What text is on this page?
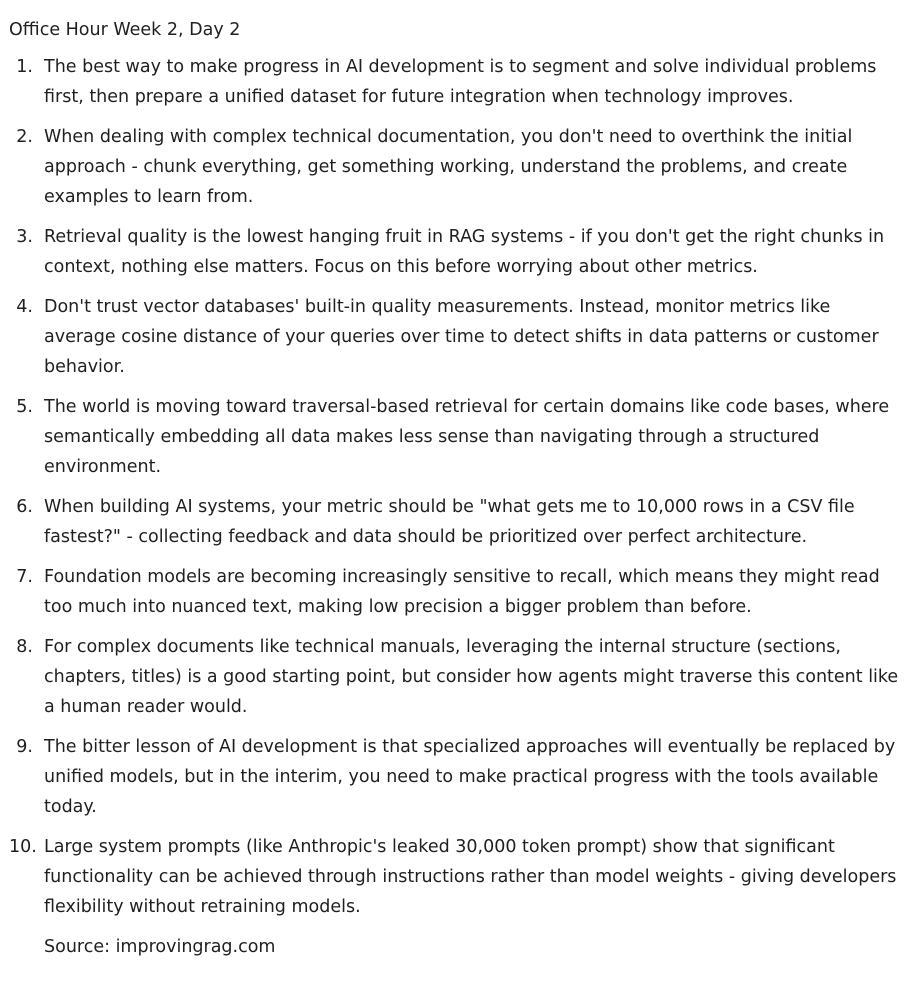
Office Hour Week 2, Day 2
1. The best way to make progress in AI development is to segment and solve individual problems first, then prepare a unified dataset for future integration when technology improves.
2. When dealing with complex technical documentation, you don't need to overthink the initial approach - chunk everything, get something working, understand the problems, and create examples to learn from.
3. Retrieval quality is the lowest hanging fruit in RAG systems - if you don't get the right chunks in context, nothing else matters. Focus on this before worrying about other metrics.
4. Don't trust vector databases' built-in quality measurements. Instead, monitor metrics like average cosine distance of your queries over time to detect shifts in data patterns or customer behavior.
5. The world is moving toward traversal-based retrieval for certain domains like code bases, where semantically embedding all data makes less sense than navigating through a structured environment.
6. When building AI systems, your metric should be "what gets me to 10,000 rows in a CSV file fastest?" - collecting feedback and data should be prioritized over perfect architecture.
7. Foundation models are becoming increasingly sensitive to recall, which means they might read too much into nuanced text, making low precision a bigger problem than before.
8. For complex documents like technical manuals, leveraging the internal structure (sections, chapters, titles) is a good starting point, but consider how agents might traverse this content like a human reader would.
9. The bitter lesson of AI development is that specialized approaches will eventually be replaced by unified models, but in the interim, you need to make practical progress with the tools available today.
10. Large system prompts (like Anthropic's leaked 30,000 token prompt) show that significant functionality can be achieved through instructions rather than model weights - giving developers flexibility without retraining models.
Source: improvingrag.com
